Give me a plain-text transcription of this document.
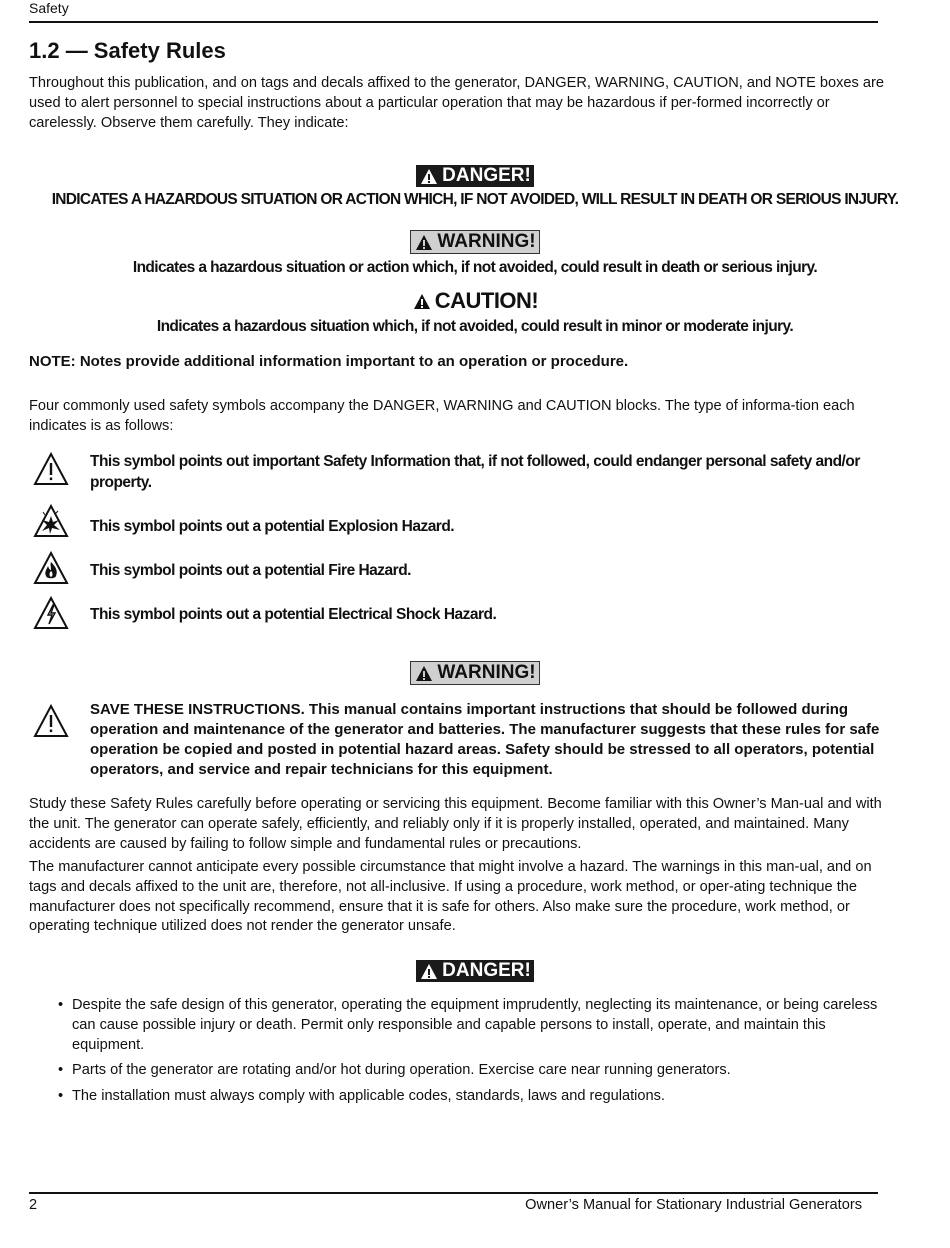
Safety
1.2 — Safety Rules

Throughout this publication, and on tags and decals affixed to the generator, DANGER, WARNING, CAUTION, and NOTE boxes are used to alert personnel to special instructions about a particular operation that may be hazardous if per-formed incorrectly or carelessly. Observe them carefully. They indicate:

DANGER!
INDICATES A HAZARDOUS SITUATION OR ACTION WHICH, IF NOT AVOIDED, WILL RESULT IN DEATH OR SERIOUS INJURY.
WARNING!
Indicates a hazardous situation or action which, if not avoided, could result in death or serious injury.
CAUTION!
Indicates a hazardous situation which, if not avoided, could result in minor or moderate injury.

NOTE: Notes provide additional information important to an operation or procedure.

Four commonly used safety symbols accompany the DANGER, WARNING and CAUTION blocks. The type of informa-tion each indicates is as follows:

This symbol points out important Safety Information that, if not followed, could endanger personal safety and/or property.
This symbol points out a potential Explosion Hazard.
This symbol points out a potential Fire Hazard.
This symbol points out a potential Electrical Shock Hazard.
WARNING!

SAVE THESE INSTRUCTIONS. This manual contains important instructions that should be followed during operation and maintenance of the generator and batteries. The manufacturer suggests that these rules for safe operation be copied and posted in potential hazard areas. Safety should be stressed to all operators, potential operators, and service and repair technicians for this equipment.

Study these Safety Rules carefully before operating or servicing this equipment. Become familiar with this Owner’s Man-ual and with the unit. The generator can operate safely, efficiently, and reliably only if it is properly installed, operated, and maintained. Many accidents are caused by failing to follow simple and fundamental rules or precautions.

The manufacturer cannot anticipate every possible circumstance that might involve a hazard. The warnings in this man-ual, and on tags and decals affixed to the unit are, therefore, not all-inclusive. If using a procedure, work method, or oper-ating technique the manufacturer does not specifically recommend, ensure that it is safe for others. Also make sure the procedure, work method, or operating technique utilized does not render the generator unsafe.

DANGER!
• Despite the safe design of this generator, operating the equipment imprudently, neglecting its maintenance, or being careless can cause possible injury or death. Permit only responsible and capable persons to install, operate, and maintain this equipment.
• Parts of the generator are rotating and/or hot during operation. Exercise care near running generators.
• The installation must always comply with applicable codes, standards, laws and regulations.
2	Owner’s Manual for Stationary Industrial Generators
